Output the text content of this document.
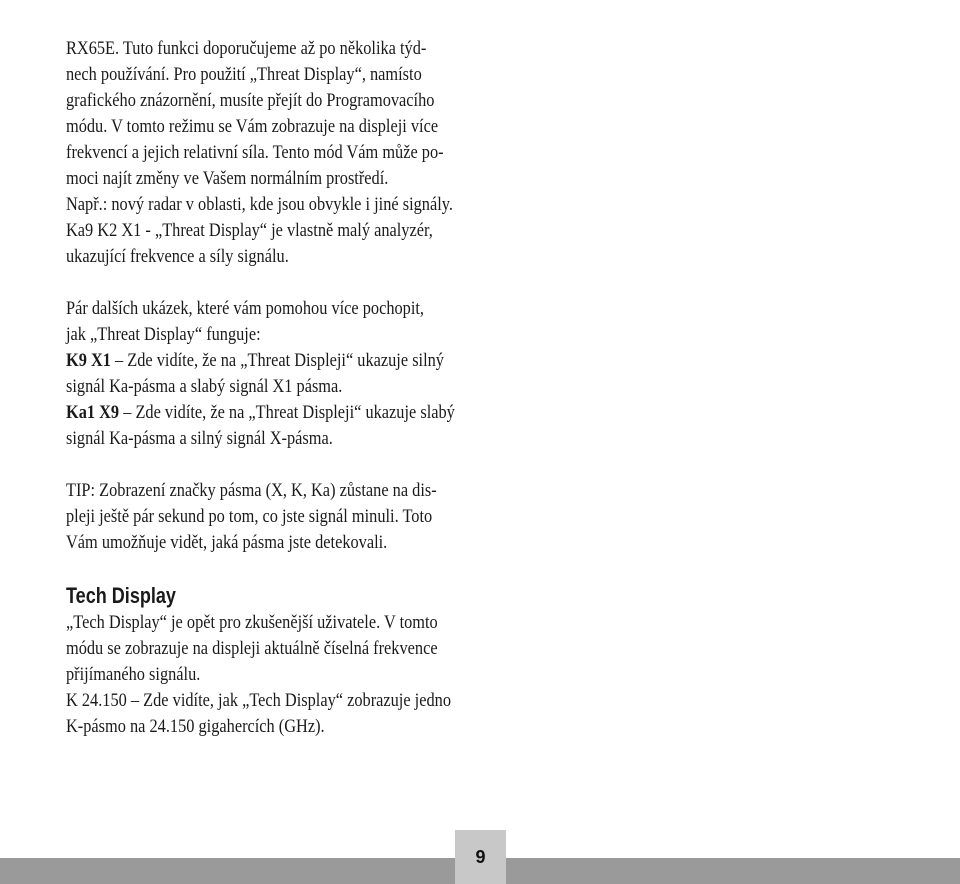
RX65E. Tuto funkci doporučujeme až po několika týd-
nech používání. Pro použití „Threat Display“, namísto
grafického znázornění, musíte přejít do Programovacího
módu. V tomto režimu se Vám zobrazuje na displeji více
frekvencí a jejich relativní síla. Tento mód Vám může po-
moci najít změny ve Vašem normálním prostředí.
Např.: nový radar v oblasti, kde jsou obvykle i jiné signály.
Ka9 K2 X1 - „Threat Display“ je vlastně malý analyzér,
ukazující frekvence a síly signálu.
Pár dalších ukázek, které vám pomohou více pochopit,
jak „Threat Display“ funguje:
K9 X1 – Zde vidíte, že na „Threat Displeji“ ukazuje silný
signál Ka-pásma a slabý signál X1 pásma.
Ka1 X9 – Zde vidíte, že na „Threat Displeji“ ukazuje slabý
signál Ka-pásma a silný signál X-pásma.
TIP: Zobrazení značky pásma (X, K, Ka) zůstane na dis-
pleji ještě pár sekund po tom, co jste signál minuli. Toto
Vám umožňuje vidět, jaká pásma jste detekovali.
Tech Display
„Tech Display“ je opět pro zkušenější uživatele. V tomto
módu se zobrazuje na displeji aktuálně číselná frekvence
přijímaného signálu.
K 24.150 – Zde vidíte, jak „Tech Display“ zobrazuje jedno
K-pásmo na 24.150 gigahercích (GHz).
9
